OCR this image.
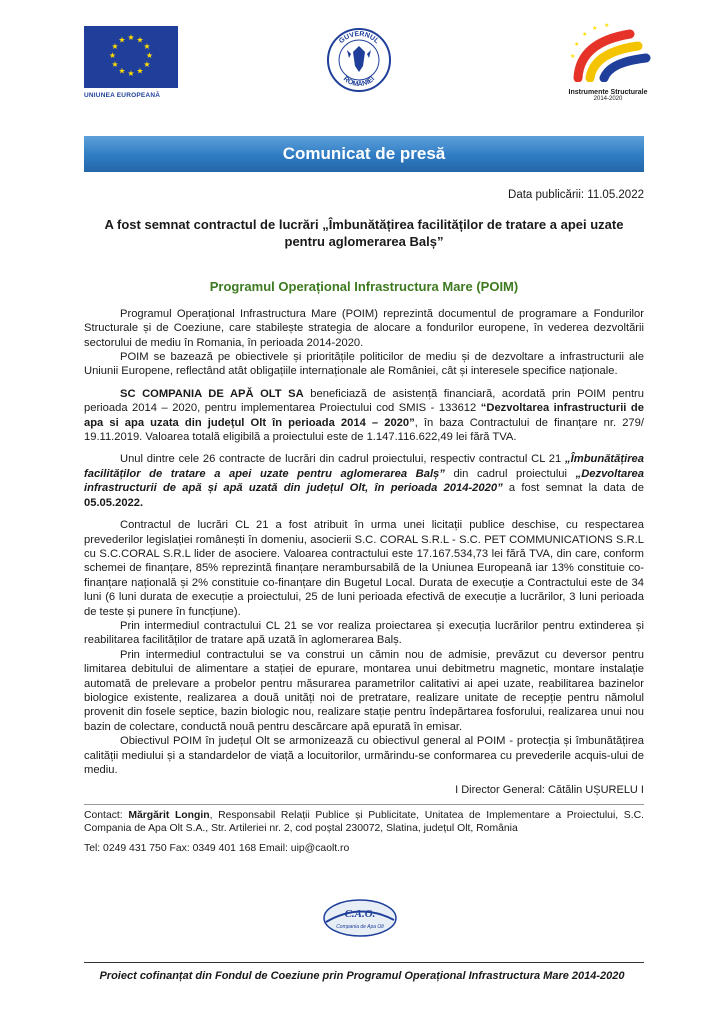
★ ★
★
★
★
★
★
★
★
★
★
★
UNIUNEA EUROPEANĂ
GUVERNUL
ROMÂNIEI
★
★ ★
★
★
Instrumente Structurale
2014-2020
Comunicat de presă
Data publicării: 11.05.2022
A fost semnat contractul de lucrări „Îmbunătățirea facilităților de tratare a apei uzate pentru aglomerarea Balș”
Programul Operațional Infrastructura Mare (POIM)

Programul Operațional Infrastructura Mare (POIM) reprezintă documentul de programare a Fondurilor Structurale și de Coeziune, care stabilește strategia de alocare a fondurilor europene, în vederea dezvoltării sectorului de mediu în Romania, în perioada 2014-2020.

POIM se bazează pe obiectivele și prioritățile politicilor de mediu și de dezvoltare a infrastructurii ale Uniunii Europene, reflectând atât obligațiile internaționale ale României, cât și interesele specifice naționale.

SC COMPANIA DE APĂ OLT SA beneficiază de asistență financiară, acordată prin POIM pentru perioada 2014 – 2020, pentru implementarea Proiectului cod SMIS - 133612 “Dezvoltarea infrastructurii de apa si apa uzata din județul Olt în perioada 2014 – 2020”, în baza Contractului de finanțare nr. 279/ 19.11.2019. Valoarea totală eligibilă a proiectului este de 1.147.116.622,49 lei fără TVA.

Unul dintre cele 26 contracte de lucrări din cadrul proiectului, respectiv contractul CL 21 „Îmbunătățirea facilităților de tratare a apei uzate pentru aglomerarea Balș” din cadrul proiectului „Dezvoltarea infrastructurii de apă și apă uzată din județul Olt, în perioada 2014-2020” a fost semnat la data de 05.05.2022.

Contractul de lucrări CL 21 a fost atribuit în urma unei licitații publice deschise, cu respectarea prevederilor legislației românești în domeniu, asocierii S.C. CORAL S.R.L - S.C. PET COMMUNICATIONS S.R.L cu S.C.CORAL S.R.L lider de asociere. Valoarea contractului este 17.167.534,73 lei fără TVA, din care, conform schemei de finanțare, 85% reprezintă finanțare nerambursabilă de la Uniunea Europeană iar 13% constituie co-finanțare națională și 2% constituie co-finanțare din Bugetul Local. Durata de execuție a Contractului este de 34 luni (6 luni durata de execuție a proiectului, 25 de luni perioada efectivă de execuție a lucrărilor, 3 luni perioada de teste și punere în funcțiune).

Prin intermediul contractului CL 21 se vor realiza proiectarea și execuția lucrărilor pentru extinderea și reabilitarea facilităților de tratare apă uzată în aglomerarea Balș.

Prin intermediul contractului se va construi un cămin nou de admisie, prevăzut cu deversor pentru limitarea debitului de alimentare a stației de epurare, montarea unui debitmetru magnetic, montare instalație automată de prelevare a probelor pentru măsurarea parametrilor calitativi ai apei uzate, reabilitarea bazinelor biologice existente, realizarea a două unități noi de pretratare, realizare unitate de recepție pentru nămolul provenit din fosele septice, bazin biologic nou, realizare stație pentru îndepărtarea fosforului, realizarea unui nou bazin de colectare, conductă nouă pentru descărcare apă epurată în emisar.

Obiectivul POIM în județul Olt se armonizează cu obiectivul general al POIM - protecția și îmbunătățirea calității mediului și a standardelor de viață a locuitorilor, urmărindu-se conformarea cu prevederile acquis-ului de mediu.

I Director General: Cătălin UȘURELU I
Contact: Mărgărit Longin, Responsabil Relații Publice și Publicitate, Unitatea de Implementare a Proiectului, S.C. Compania de Apa Olt S.A., Str. Artileriei nr. 2, cod poștal 230072, Slatina, județul Olt, România
Tel: 0249 431 750 Fax: 0349 401 168 Email: uip@caolt.ro
C.A.O.
Compania de Apa Olt
Proiect cofinanțat din Fondul de Coeziune prin Programul Operațional Infrastructura Mare 2014-2020
